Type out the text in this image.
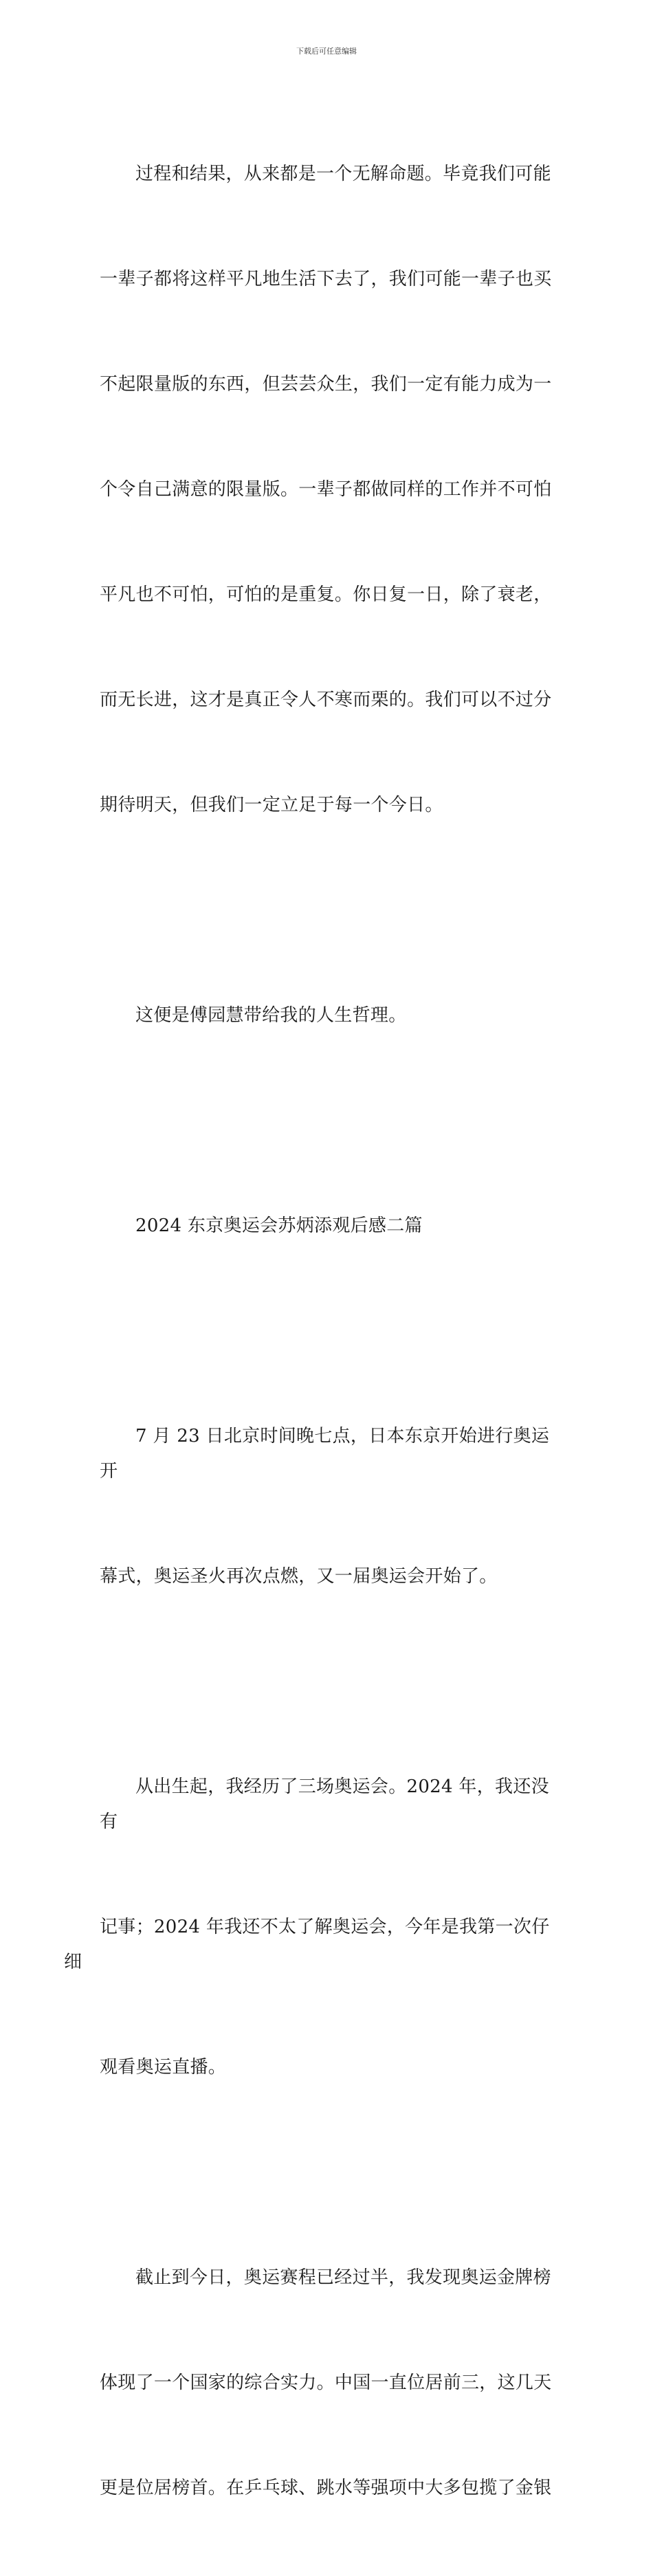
下载后可任意编辑

过程和结果，从来都是一个无解命题。毕竟我们可能

一辈子都将这样平凡地生活下去了，我们可能一辈子也买

不起限量版的东西，但芸芸众生，我们一定有能力成为一

个令自己满意的限量版。一辈子都做同样的工作并不可怕

平凡也不可怕，可怕的是重复。你日复一日，除了衰老，

而无长进，这才是真正令人不寒而栗的。我们可以不过分

期待明天，但我们一定立足于每一个今日。

这便是傅园慧带给我的人生哲理。

2024 东京奥运会苏炳添观后感二篇

7 月 23 日北京时间晚七点，日本东京开始进行奥运开

幕式，奥运圣火再次点燃，又一届奥运会开始了。

从出生起，我经历了三场奥运会。2024 年，我还没有

记事；2024 年我还不太了解奥运会，今年是我第一次仔细

观看奥运直播。

截止到今日，奥运赛程已经过半，我发现奥运金牌榜

体现了一个国家的综合实力。中国一直位居前三，这几天

更是位居榜首。在乒乓球、跳水等强项中大多包揽了金银
